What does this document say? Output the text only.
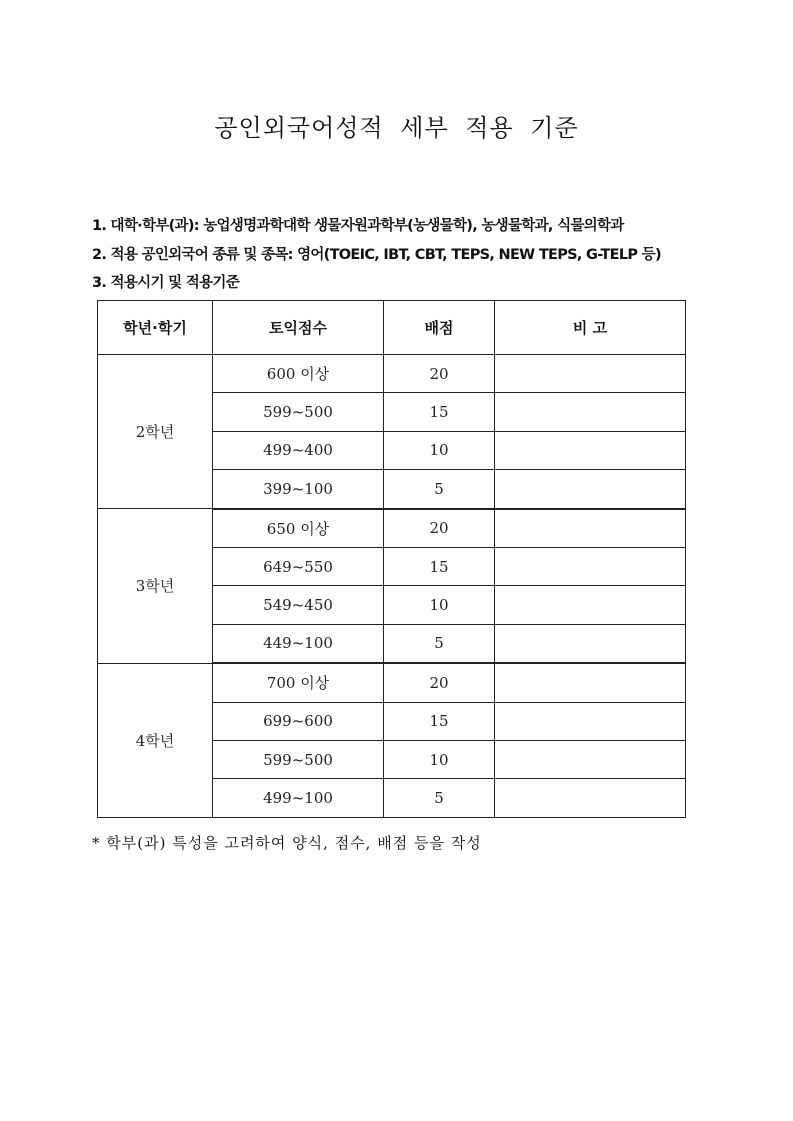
공인외국어성적 세부 적용 기준
1. 대학·학부(과): 농업생명과학대학 생물자원과학부(농생물학), 농생물학과, 식물의학과
2. 적용 공인외국어 종류 및 종목: 영어(TOEIC, IBT, CBT, TEPS, NEW TEPS, G-TELP 등)
3. 적용시기 및 적용기준
학년·학기	토익점수	배점	비 고
2학년	600 이상	20	
	599~500	15	
	499~400	10	
	399~100	5	
3학년	650 이상	20	
	649~550	15	
	549~450	10	
	449~100	5	
4학년	700 이상	20	
	699~600	15	
	599~500	10	
	499~100	5	
* 학부(과) 특성을 고려하여 양식, 점수, 배점 등을 작성
